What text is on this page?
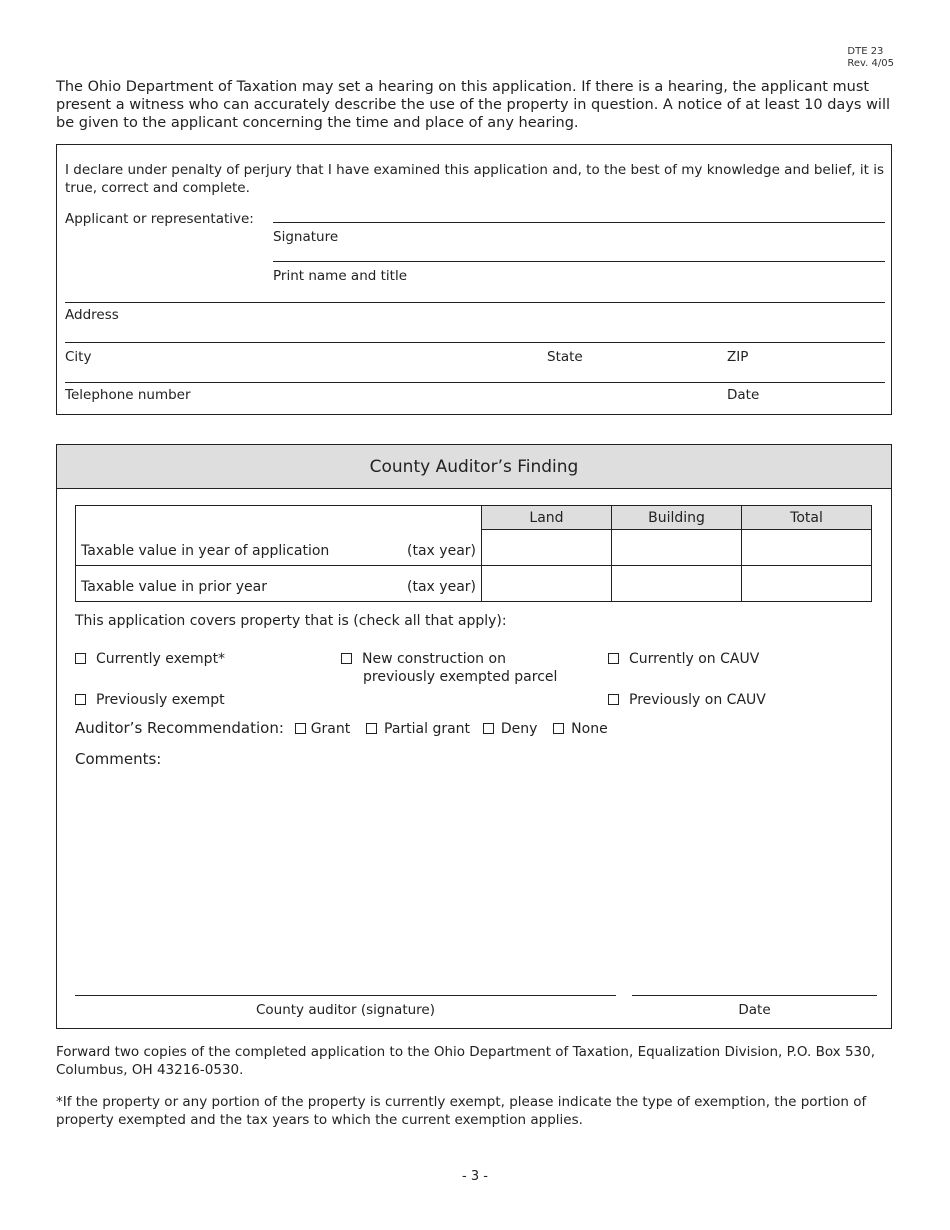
DTE 23
Rev. 4/05
The Ohio Department of Taxation may set a hearing on this application. If there is a hearing, the applicant must present a witness who can accurately describe the use of the property in question. A notice of at least 10 days will be given to the applicant concerning the time and place of any hearing.
I declare under penalty of perjury that I have examined this application and, to the best of my knowledge and belief, it is true, correct and complete.
Applicant or representative:
Signature
Print name and title
Address
City	State	ZIP
Telephone number	Date
County Auditor’s Finding
	Land	Building	Total

Taxable value in year of application (tax year)			

Taxable value in prior year (tax year)			

This application covers property that is (check all that apply):
Currently exempt*	New construction on
previously exempted parcel
Currently on CAUV
Previously exempt	Previously on CAUV
Auditor’s Recommendation: Grant Partial grant Deny None
Comments:
County auditor (signature)	Date
Forward two copies of the completed application to the Ohio Department of Taxation, Equalization Division, P.O. Box 530, Columbus, OH 43216-0530.
*If the property or any portion of the property is currently exempt, please indicate the type of exemption, the portion of property exempted and the tax years to which the current exemption applies.
- 3 -
